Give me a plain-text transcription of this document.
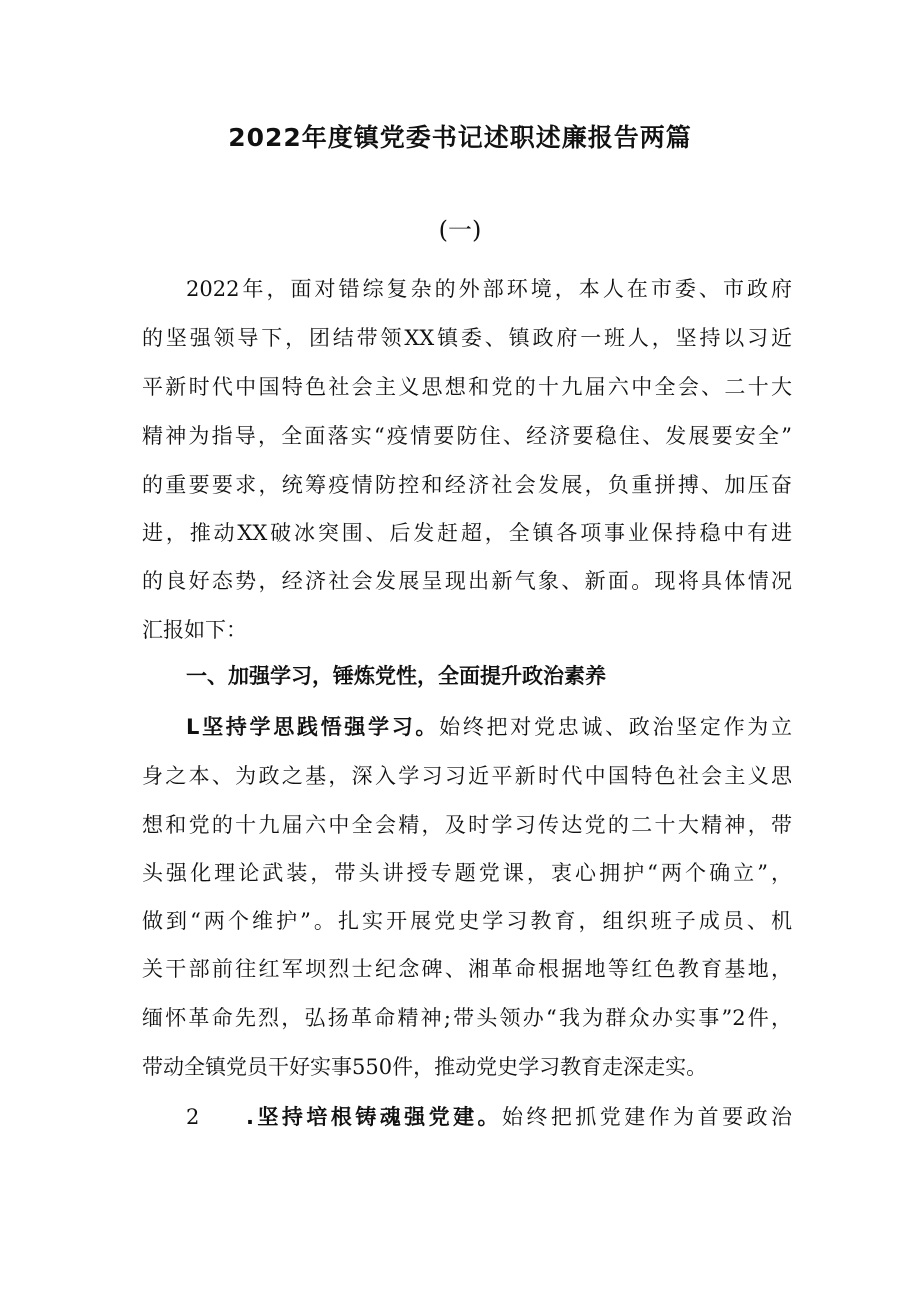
2022年度镇党委书记述职述廉报告两篇
(一)
2022年，面对错综复杂的外部环境，本人在市委、市政府
的坚强领导下，团结带领XX镇委、镇政府一班人，坚持以习近
平新时代中国特色社会主义思想和党的十九届六中全会、二十大
精神为指导，全面落实“疫情要防住、经济要稳住、发展要安全”
的重要要求，统筹疫情防控和经济社会发展，负重拼搏、加压奋
进，推动XX破冰突围、后发赶超，全镇各项事业保持稳中有进
的良好态势，经济社会发展呈现出新气象、新面。现将具体情况
汇报如下：
一、加强学习，锤炼党性，全面提升政治素养
L坚持学思践悟强学习。始终把对党忠诚、政治坚定作为立
身之本、为政之基，深入学习习近平新时代中国特色社会主义思
想和党的十九届六中全会精，及时学习传达党的二十大精神，带
头强化理论武装，带头讲授专题党课，衷心拥护“两个确立”，
做到“两个维护”。扎实开展党史学习教育，组织班子成员、机
关干部前往红军坝烈士纪念碑、湘革命根据地等红色教育基地，
缅怀革命先烈，弘扬革命精神;带头领办“我为群众办实事”2件，
带动全镇党员干好实事550件，推动党史学习教育走深走实。
2 .坚持培根铸魂强党建。始终把抓党建作为首要政治
